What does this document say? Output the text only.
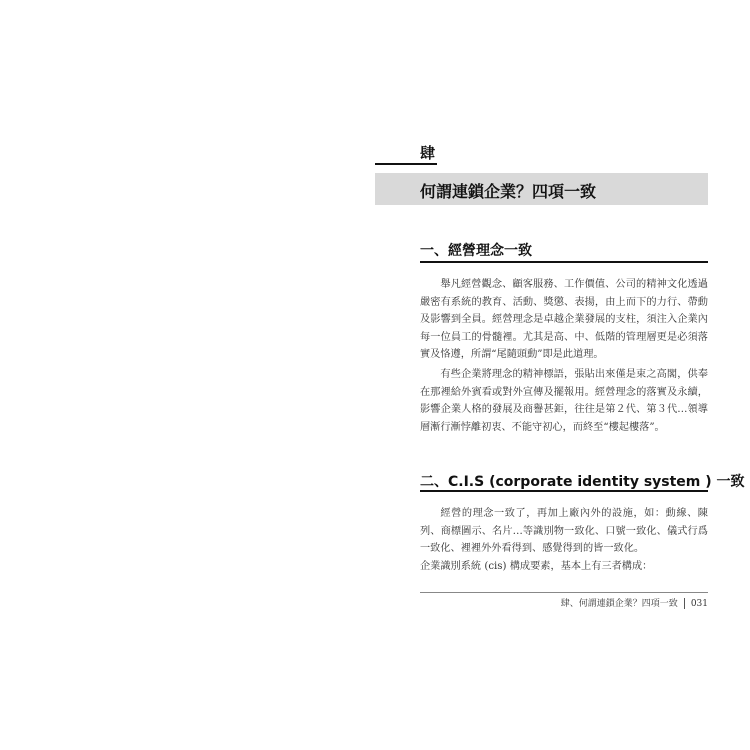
肆
何謂連鎖企業？四項一致
一、經營理念一致

舉凡經營觀念、顧客服務、工作價值、公司的精神文化透過嚴密有系統的教育、活動、獎懲、表揚，由上而下的力行、帶動及影響到全員。經營理念是卓越企業發展的支柱，須注入企業內每一位員工的骨髓裡。尤其是高、中、低階的管理層更是必須落實及恪遵，所謂“尾隨頭動”即是此道理。

有些企業將理念的精神標語，張貼出來僅是束之高閣，供奉在那裡給外賓看或對外宣傳及擺報用。經營理念的落實及永續，影響企業人格的發展及商譽甚鉅，往往是第２代、第３代…領導層漸行漸悖離初衷、不能守初心，而終至“樓起樓落”。

二、C.I.S (corporate identity system ) 一致

經營的理念一致了，再加上廠內外的設施，如：動線、陳列、商標圖示、名片…等識別物一致化、口號一致化、儀式行爲一致化、裡裡外外看得到、感覺得到的皆一致化。

企業識別系統 (cis) 構成要素，基本上有三者構成：

肆、何謂連鎖企業？四項一致 031
